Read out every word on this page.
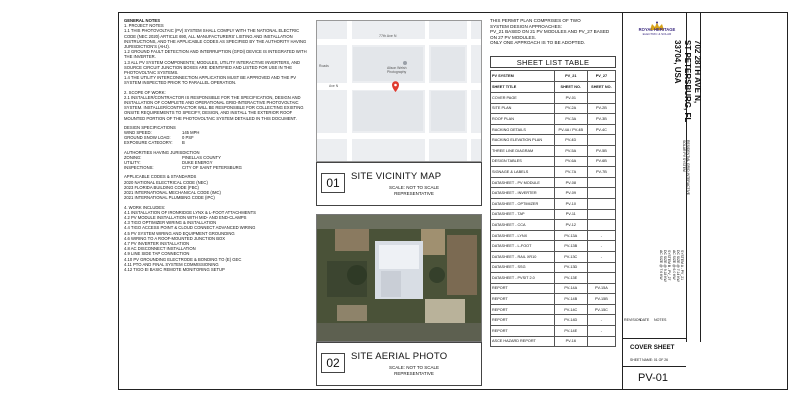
GENERAL NOTES
1. PROJECT NOTES
1.1 THIS PHOTOVOLTAIC (PV) SYSTEM SHALL COMPLY WITH THE NATIONAL ELECTRIC CODE (NEC 2020) ARTICLE 690, ALL MANUFACTURERS' LISTING AND INSTALLATION INSTRUCTIONS, AND THE APPLICABLE CODES AS SPECIFIED BY THE AUTHORITY HAVING JURISDICTION'S (AHJ).
1.2 GROUND FAULT DETECTION AND INTERRUPTION (GFDI) DEVICE IS INTEGRATED WITH THE INVERTER.
1.3 ALL PV SYSTEM COMPONENTS; MODULES, UTILITY INTERACTIVE INVERTERS, AND SOURCE CIRCUIT JUNCTION BOXES ARE IDENTIFIED AND LISTED FOR USE IN THE PHOTOVOLTAIC SYSTEMS.
1.4 THE UTILITY INTERCONNECTION APPLICATION MUST BE APPROVED AND THE PV SYSTEM INSPECTED PRIOR TO PARALLEL OPERATION.
2. SCOPE OF WORK:
2.1 INSTALLER/CONTRACTOR IS RESPONSIBLE FOR THE SPECIFICATION, DESIGN AND INSTALLATION OF COMPLETE AND OPERATIONAL GRID-INTERACTIVE PHOTOVOLTAIC SYSTEM. INSTALLER/CONTRACTOR WILL BE RESPONSIBLE FOR COLLECTING EXISTING ONSITE REQUIREMENTS TO SPECIFY, DESIGN, AND INSTALL THE EXTERIOR ROOF MOUNTED PORTION OF THE PHOTOVOLTAIC SYSTEM DETAILED IN THIS DOCUMENT.
DESIGN SPECIFICATIONS
WIND SPEED:	145 MPH
GROUND SNOW LOAD:	0 PSF
EXPOSURE CATEGORY:	B
AUTHORITIES HAVING JURISDICTION
ZONING:	PINELLAS COUNTY
UTILITY:	DUKE ENERGY
INSPECTIONS:	CITY OF SAINT PETERSBURG
APPLICABLE CODES & STANDARDS
2020 NATIONAL ELECTRICAL CODE (NEC)
2023 FLORIDA BUILDING CODE (FBC)
2021 INTERNATIONAL MECHANICAL CODE (IMC)
2021 INTERNATIONAL PLUMBING CODE (IPC)
4. WORK INCLUDES:
4.1 INSTALLATION OF IRONRIDGE LYNX & L-FOOT ATTACHMENTS
4.2 PV MODULE INSTALLATION WITH MID- AND END-CLAMPS
4.3 TIGO OPTIMIZER WIRING & INSTALLATION
4.4 TIGO ACCESS POINT & CLOUD CONNECT ADVANCED WIRING
4.5 PV SYSTEM WIRING AND EQUIPMENT GROUNDING
4.6 WIRING TO A ROOF-MOUNTED JUNCTION BOX
4.7 PV INVERTER INSTALLATION
4.8 AC DISCONNECT INSTALLATION
4.9 LINE SIDE TAP CONNECTION
4.10 PV GROUNDING ELECTRODE & BONDING TO (E) GEC
4.11 PTO AND FINAL SYSTEM COMMISSIONING
4.12 TIGO EI BASIC REMOTE MONITORING SETUP
77th Ave N
Alison Welsh Photography
Ave N
Roads
01	SITE VICINITY MAP
SCALE: NOT TO SCALE
REPRESENTATIVE
02	SITE AERIAL PHOTO
SCALE: NOT TO SCALE
REPRESENTATIVE
THIS PERMIT PLAN COMPRISES OF TWO
SYSTEM DESIGN APPROACHES:
PV_21 BASED ON 21 PV MODULES AND PV_27 BASED
ON 27 PV MODULES.
ONLY ONE APPROACH IS TO BE ADOPTED.
SHEET LIST TABLE
PV SYSTEM	PV_21	PV_27
SHEET TITLE	SHEET NO.	SHEET NO.
COVER PAGE	PV-01	
SITE PLAN	PV-2A	PV-2B
ROOF PLAN	PV-3A	PV-3B
RACKING DETAILS	PV-4A / PV-4B	PV-4C
RACKING ELEVATION PLAN	PV-4D	
THREE LINE DIAGRAM	PV-5A	PV-5B
DESIGN TABLES	PV-6A	PV-6B
SIGNAGE & LABELS	PV-7A	PV-7B
DATASHEET - PV MODULE	PV-08	
DATASHEET - INVERTER	PV-09	
DATASHEET - OPTIMIZER	PV-10	
DATASHEET - TAP	PV-11	
DATASHEET - CCA	PV-12	
DATASHEET - LYNX	PV-13A	-
DATASHEET - L-FOOT	PV-13B	-
DATASHEET - RAIL XR10	PV-13C	-
DATASHEET - SSG	PV-13D	
DATASHEET - PVSIT 2.0	PV-13E	
REPORT	PV-14A	PV-15A
REPORT	PV-14B	PV-15B
REPORT	PV-14C	PV-15C
REPORT	PV-14D	-
REPORT	PV-14E	-
ASCE HAZARD REPORT	PV-16	
ROYAL HERITAGE
ELECTRIC & SOLAR
702 28TH AVE N,
ST PETERSBURG, FL
33704, USA
RESIDENTIAL GRID-INTERACTIVE
SOLAR PV SYSTEM
SYSTEM A - PV_21
DC SIZE @ 7.14 KW
AC SIZE @ 6.0 KW
SYSTEM B - PV_27
DC SIZE @ 9.18 KW
AC SIZE @ 7.6 KW
REVISION
DATE	NOTES
COVER SHEET
SHEET NAME: 01 OF 26
PV-01
